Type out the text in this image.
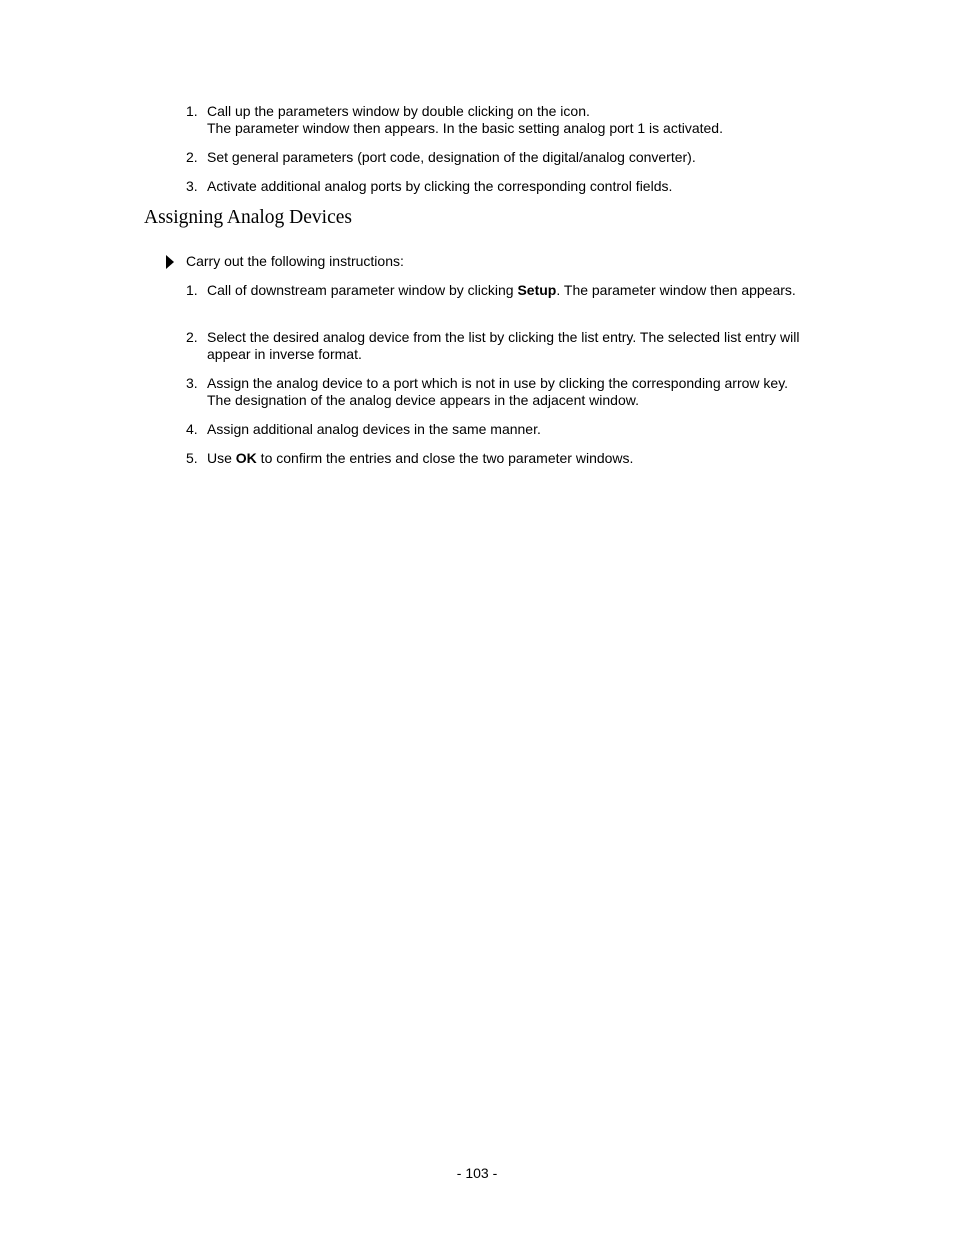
1. Call up the parameters window by double clicking on the icon.
The parameter window then appears. In the basic setting analog port 1 is activated.
2. Set general parameters (port code, designation of the digital/analog converter).
3. Activate additional analog ports by clicking the corresponding control fields.
Assigning Analog Devices
Carry out the following instructions:
1. Call of downstream parameter window by clicking Setup. The parameter window then appears.
2. Select the desired analog device from the list by clicking the list entry. The selected list entry will appear in inverse format.
3. Assign the analog device to a port which is not in use by clicking the corresponding arrow key. The designation of the analog device appears in the adjacent window.
4. Assign additional analog devices in the same manner.
5. Use OK to confirm the entries and close the two parameter windows.
- 103 -
